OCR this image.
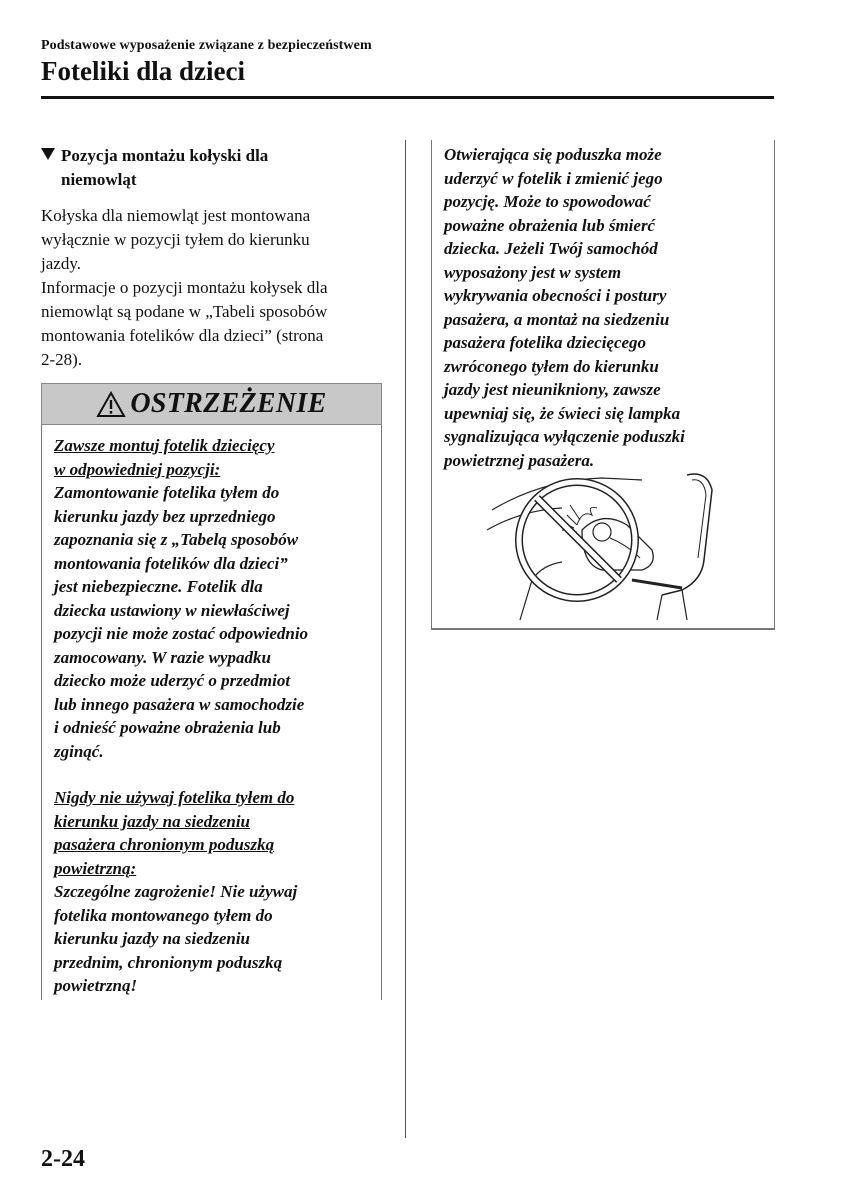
Podstawowe wyposażenie związane z bezpieczeństwem
Foteliki dla dzieci
Pozycja montażu kołyski dla
niemowląt

Kołyska dla niemowląt jest montowana
wyłącznie w pozycji tyłem do kierunku
jazdy.

Informacje o pozycji montażu kołysek dla
niemowląt są podane w „Tabeli sposobów
montowania fotelików dla dzieci” (strona
2-28).

OSTRZEŻENIE
Zawsze montuj fotelik dziecięcy
w odpowiedniej pozycji:
Zamontowanie fotelika tyłem do
kierunku jazdy bez uprzedniego
zapoznania się z „Tabelą sposobów
montowania fotelików dla dzieci”
jest niebezpieczne. Fotelik dla
dziecka ustawiony w niewłaściwej
pozycji nie może zostać odpowiednio
zamocowany. W razie wypadku
dziecko może uderzyć o przedmiot
lub innego pasażera w samochodzie
i odnieść poważne obrażenia lub
zginąć.
Nigdy nie używaj fotelika tyłem do
kierunku jazdy na siedzeniu
pasażera chronionym poduszką
powietrzną:
Szczególne zagrożenie! Nie używaj
fotelika montowanego tyłem do
kierunku jazdy na siedzeniu
przednim, chronionym poduszką
powietrzną!
Otwierająca się poduszka może
uderzyć w fotelik i zmienić jego
pozycję. Może to spowodować
poważne obrażenia lub śmierć
dziecka. Jeżeli Twój samochód
wyposażony jest w system
wykrywania obecności i postury
pasażera, a montaż na siedzeniu
pasażera fotelika dziecięcego
zwróconego tyłem do kierunku
jazdy jest nieunikniony, zawsze
upewniaj się, że świeci się lampka
sygnalizująca wyłączenie poduszki
powietrznej pasażera.
2-24
